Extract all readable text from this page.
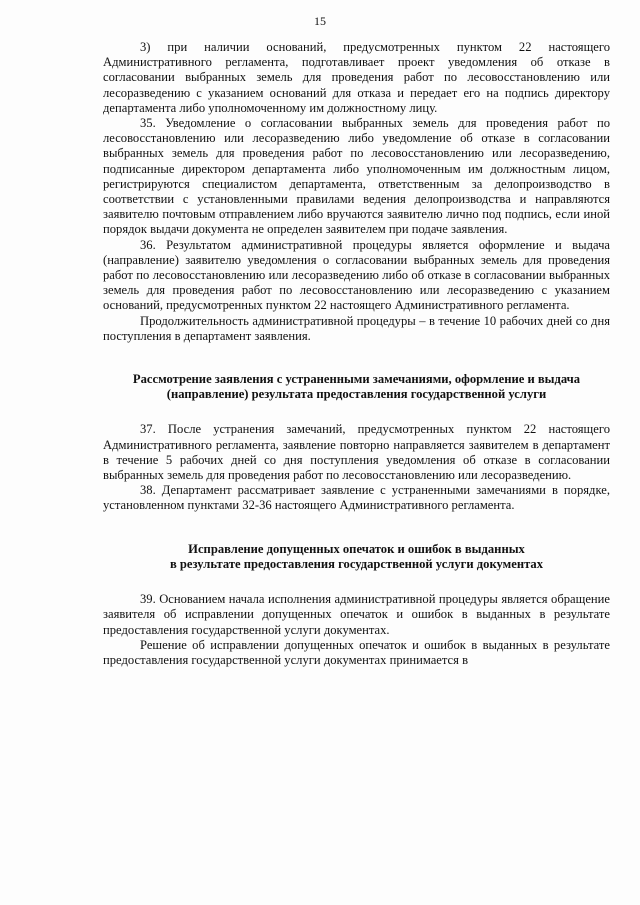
15

3) при наличии оснований, предусмотренных пунктом 22 настоящего Административного регламента, подготавливает проект уведомления об отказе в согласовании выбранных земель для проведения работ по лесовосстановлению или лесоразведению с указанием оснований для отказа и передает его на подпись директору департамента либо уполномоченному им должностному лицу.

35. Уведомление о согласовании выбранных земель для проведения работ по лесовосстановлению или лесоразведению либо уведомление об отказе в согласовании выбранных земель для проведения работ по лесовосстановлению или лесоразведению, подписанные директором департамента либо уполномоченным им должностным лицом, регистрируются специалистом департамента, ответственным за делопроизводство в соответствии с установленными правилами ведения делопроизводства и направляются заявителю почтовым отправлением либо вручаются заявителю лично под подпись, если иной порядок выдачи документа не определен заявителем при подаче заявления.

36. Результатом административной процедуры является оформление и выдача (направление) заявителю уведомления о согласовании выбранных земель для проведения работ по лесовосстановлению или лесоразведению либо об отказе в согласовании выбранных земель для проведения работ по лесовосстановлению или лесоразведению с указанием оснований, предусмотренных пунктом 22 настоящего Административного регламента.

Продолжительность административной процедуры – в течение 10 рабочих дней со дня поступления в департамент заявления.

Рассмотрение заявления с устраненными замечаниями, оформление и выдача (направление) результата предоставления государственной услуги

37. После устранения замечаний, предусмотренных пунктом 22 настоящего Административного регламента, заявление повторно направляется заявителем в департамент в течение 5 рабочих дней со дня поступления уведомления об отказе в согласовании выбранных земель для проведения работ по лесовосстановлению или лесоразведению.

38. Департамент рассматривает заявление с устраненными замечаниями в порядке, установленном пунктами 32-36 настоящего Административного регламента.

Исправление допущенных опечаток и ошибок в выданных

в результате предоставления государственной услуги документах

39. Основанием начала исполнения административной процедуры является обращение заявителя об исправлении допущенных опечаток и ошибок в выданных в результате предоставления государственной услуги документах.

Решение об исправлении допущенных опечаток и ошибок в выданных в результате предоставления государственной услуги документах принимается в
